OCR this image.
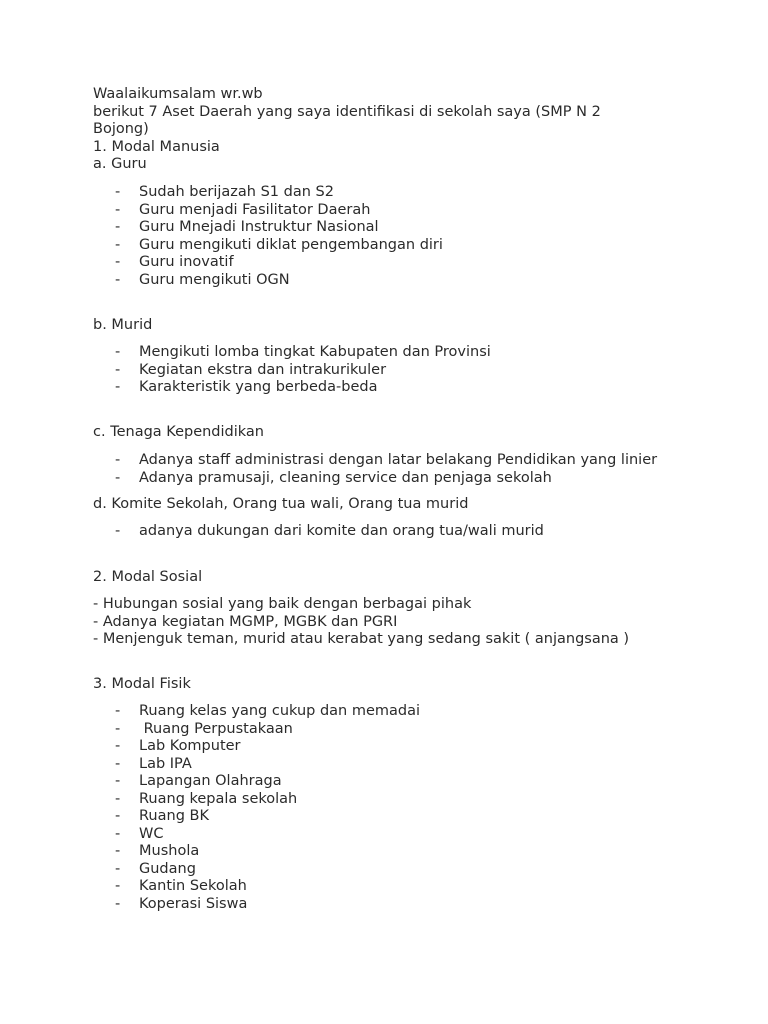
Waalaikumsalam wr.wb
berikut 7 Aset Daerah yang saya identifikasi di sekolah saya (SMP N 2 Bojong)
1. Modal Manusia
a. Guru
- Sudah berijazah S1 dan S2
- Guru menjadi Fasilitator Daerah
- Guru Mnejadi Instruktur Nasional
- Guru mengikuti diklat pengembangan diri
- Guru inovatif
- Guru mengikuti OGN
b. Murid
- Mengikuti lomba tingkat Kabupaten dan Provinsi
- Kegiatan ekstra dan intrakurikuler
- Karakteristik yang berbeda-beda
c. Tenaga Kependidikan
- Adanya staff administrasi dengan latar belakang Pendidikan yang linier
- Adanya pramusaji, cleaning service dan penjaga sekolah
d. Komite Sekolah, Orang tua wali, Orang tua murid
- adanya dukungan dari komite dan orang tua/wali murid
2. Modal Sosial
- Hubungan sosial yang baik dengan berbagai pihak
- Adanya kegiatan MGMP, MGBK dan PGRI
- Menjenguk teman, murid atau kerabat yang sedang sakit ( anjangsana )
3. Modal Fisik
- Ruang kelas yang cukup dan memadai
- Ruang Perpustakaan
- Lab Komputer
- Lab IPA
- Lapangan Olahraga
- Ruang kepala sekolah
- Ruang BK
- WC
- Mushola
- Gudang
- Kantin Sekolah
- Koperasi Siswa
